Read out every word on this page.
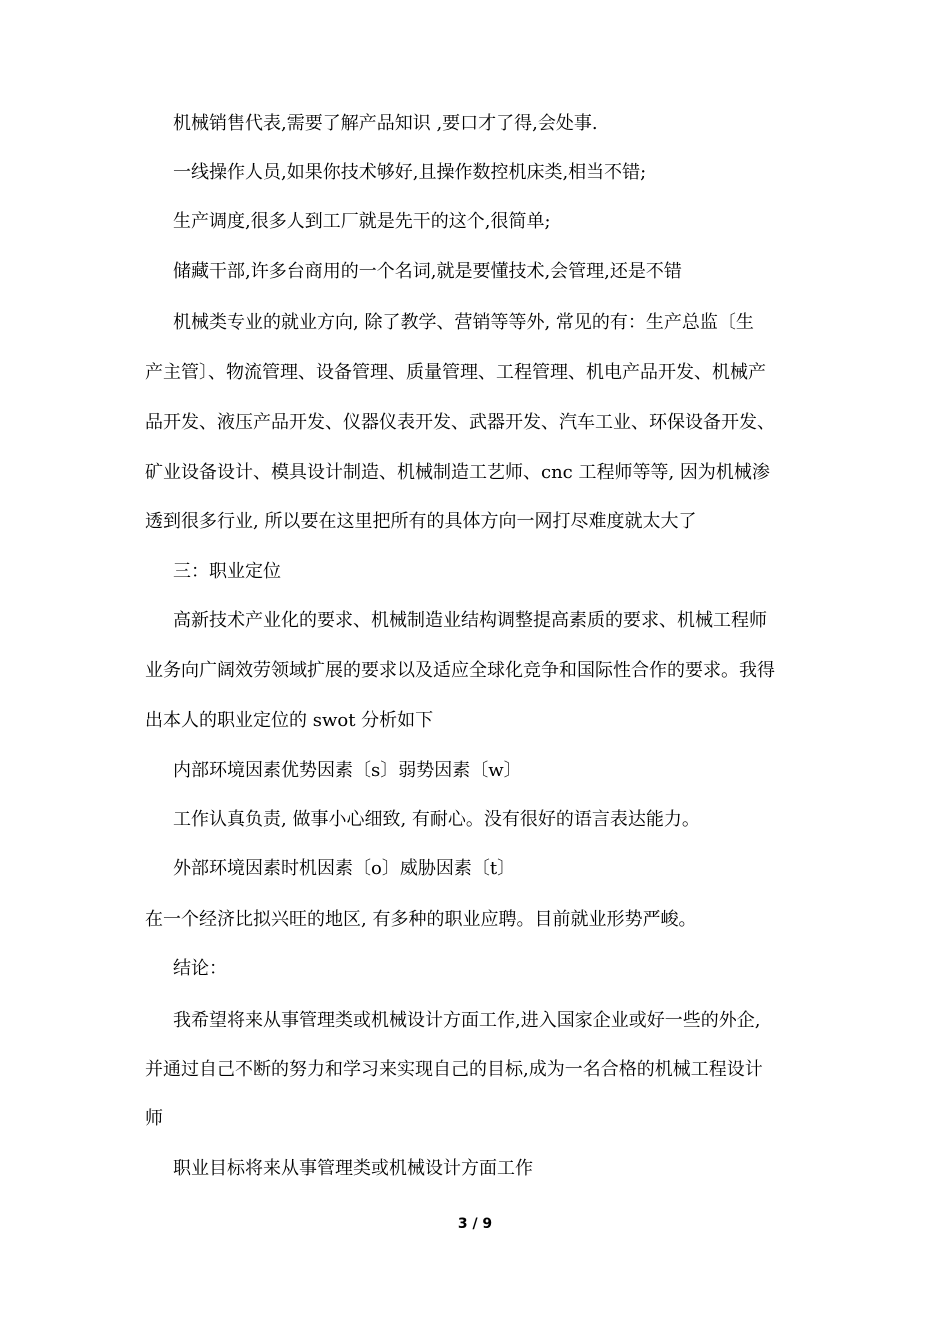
机械销售代表,需要了解产品知识 ,要口才了得,会处事.
一线操作人员,如果你技术够好,且操作数控机床类,相当不错;
生产调度,很多人到工厂就是先干的这个,很简单;
储藏干部,许多台商用的一个名词,就是要懂技术,会管理,还是不错
机械类专业的就业方向, 除了教学、营销等等外, 常见的有：生产总监〔生
产主管〕、物流管理、设备管理、质量管理、工程管理、机电产品开发、机械产
品开发、液压产品开发、仪器仪表开发、武器开发、汽车工业、环保设备开发、
矿业设备设计、模具设计制造、机械制造工艺师、cnc 工程师等等, 因为机械渗
透到很多行业, 所以要在这里把所有的具体方向一网打尽难度就太大了
三：职业定位
高新技术产业化的要求、机械制造业结构调整提高素质的要求、机械工程师
业务向广阔效劳领域扩展的要求以及适应全球化竞争和国际性合作的要求。我得
出本人的职业定位的 swot 分析如下
内部环境因素优势因素〔s〕弱势因素〔w〕
工作认真负责, 做事小心细致, 有耐心。没有很好的语言表达能力。
外部环境因素时机因素〔o〕威胁因素〔t〕
在一个经济比拟兴旺的地区, 有多种的职业应聘。目前就业形势严峻。
结论：
我希望将来从事管理类或机械设计方面工作,进入国家企业或好一些的外企,
并通过自己不断的努力和学习来实现自己的目标,成为一名合格的机械工程设计
师
职业目标将来从事管理类或机械设计方面工作
3 / 9
